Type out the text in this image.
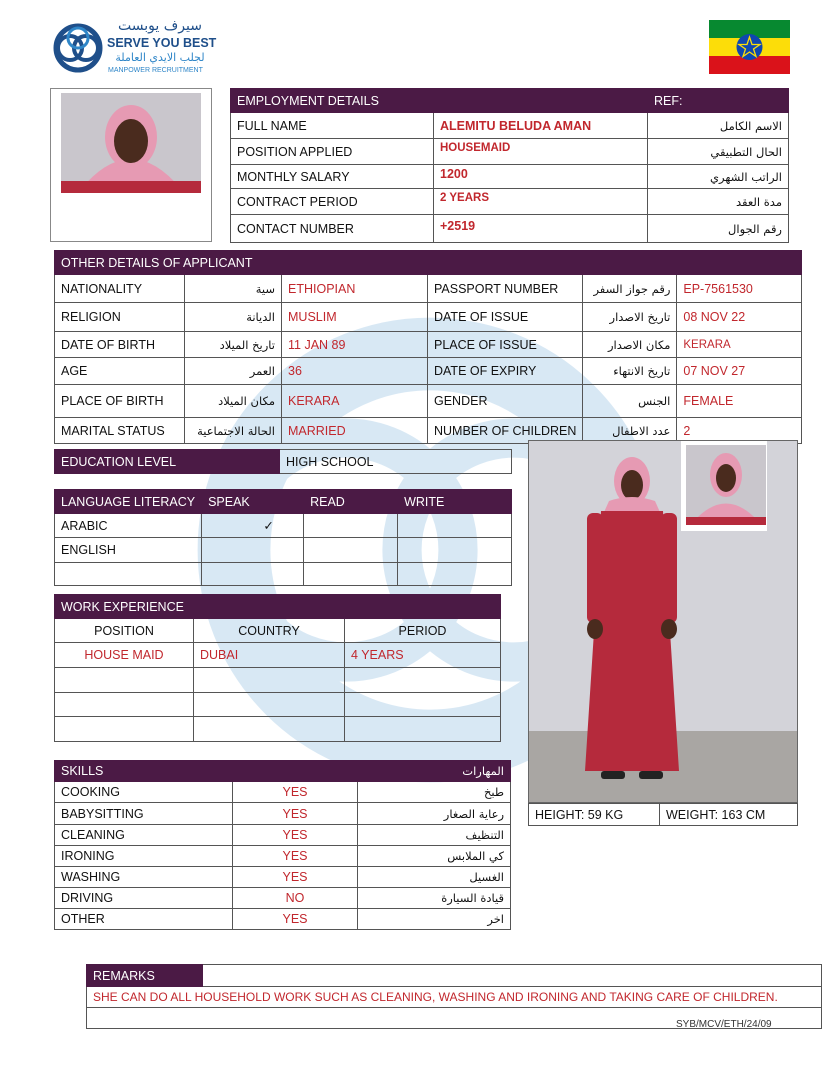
سيرف يوبست
SERVE YOU BEST
لجلب الايدي العاملة
MANPOWER RECRUITMENT
EMPLOYMENT DETAILS		REF:
FULL NAME	ALEMITU BELUDA AMAN	الاسم الكامل
POSITION APPLIED	HOUSEMAID	الحال التطبيقي
MONTHLY SALARY	1200	الراتب الشهري
CONTRACT PERIOD	2 YEARS	مدة العقد
CONTACT NUMBER	+2519	رقم الجوال
OTHER DETAILS OF APPLICANT					
NATIONALITY	سية	ETHIOPIAN	PASSPORT NUMBER	رقم جواز السفر	EP-7561530
RELIGION	الديانة	MUSLIM	DATE OF ISSUE	تاريخ الاصدار	08 NOV 22
DATE OF BIRTH	تاريخ الميلاد	11 JAN 89	PLACE OF ISSUE	مكان الاصدار	KERARA
AGE	العمر	36	DATE OF EXPIRY	تاريخ الانتهاء	07 NOV 27
PLACE OF BIRTH	مكان الميلاد	KERARA	GENDER	الجنس	FEMALE
MARITAL STATUS	الحالة الاجتماعية	MARRIED	NUMBER OF CHILDREN	عدد الاطفال	2
EDUCATION LEVEL	HIGH SCHOOL
LANGUAGE LITERACY	SPEAK	READ	WRITE
ARABIC	✓		
ENGLISH			

WORK EXPERIENCE		
POSITION	COUNTRY	PERIOD
HOUSE MAID	DUBAI	4 YEARS

SKILLS		المهارات
COOKING	YES	طبخ
BABYSITTING	YES	رعاية الصغار
CLEANING	YES	التنظيف
IRONING	YES	كي الملابس
WASHING	YES	الغسيل
DRIVING	NO	قيادة السيارة
OTHER	YES	اخر
HEIGHT: 59 KG	WEIGHT: 163 CM
REMARKS	
SHE CAN DO ALL HOUSEHOLD WORK SUCH AS CLEANING, WASHING AND IRONING AND TAKING CARE OF CHILDREN.

SYB/MCV/ETH/24/09
